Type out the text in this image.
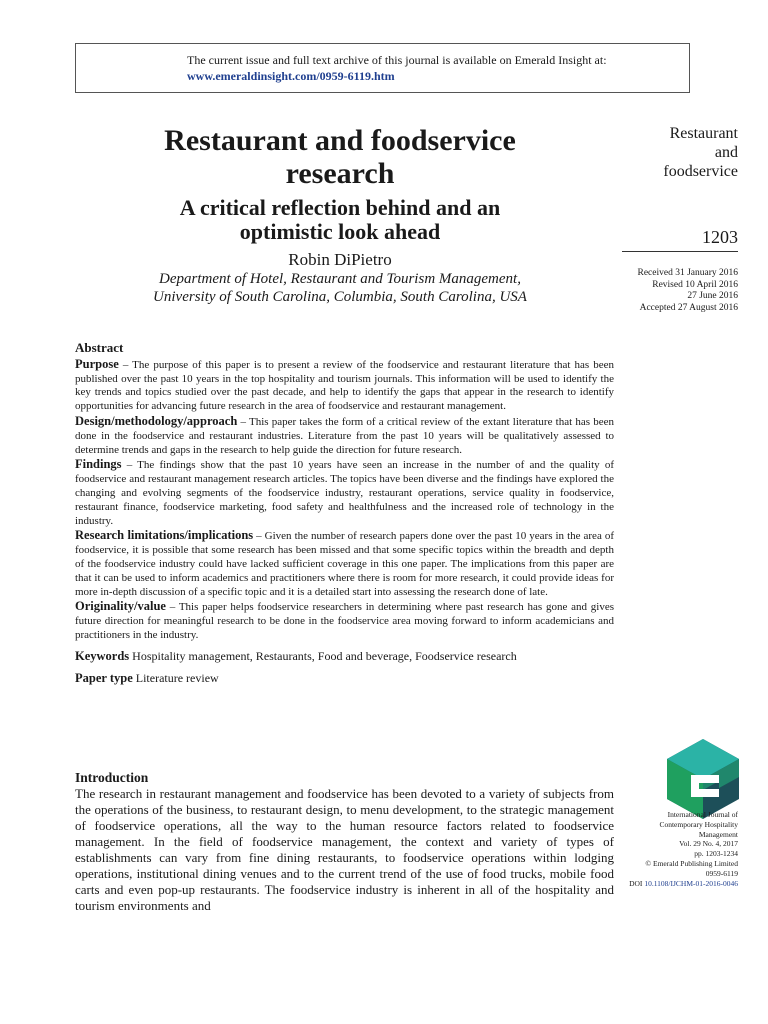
The current issue and full text archive of this journal is available on Emerald Insight at:
www.emeraldinsight.com/0959-6119.htm
Restaurant and foodservice
research
A critical reflection behind and an
optimistic look ahead
Robin DiPietro
Department of Hotel, Restaurant and Tourism Management,
University of South Carolina, Columbia, South Carolina, USA
Restaurant
and
foodservice
1203
Received 31 January 2016
Revised 10 April 2016
27 June 2016
Accepted 27 August 2016
Abstract

Purpose – The purpose of this paper is to present a review of the foodservice and restaurant literature that has been published over the past 10 years in the top hospitality and tourism journals. This information will be used to identify the key trends and topics studied over the past decade, and help to identify the gaps that appear in the research to identify opportunities for advancing future research in the area of foodservice and restaurant management.

Design/methodology/approach – This paper takes the form of a critical review of the extant literature that has been done in the foodservice and restaurant industries. Literature from the past 10 years will be qualitatively assessed to determine trends and gaps in the research to help guide the direction for future research.

Findings – The findings show that the past 10 years have seen an increase in the number of and the quality of foodservice and restaurant management research articles. The topics have been diverse and the findings have explored the changing and evolving segments of the foodservice industry, restaurant operations, service quality in foodservice, restaurant finance, foodservice marketing, food safety and healthfulness and the increased role of technology in the industry.

Research limitations/implications – Given the number of research papers done over the past 10 years in the area of foodservice, it is possible that some research has been missed and that some specific topics within the breadth and depth of the foodservice industry could have lacked sufficient coverage in this one paper. The implications from this paper are that it can be used to inform academics and practitioners where there is room for more research, it could provide ideas for more in-depth discussion of a specific topic and it is a detailed start into assessing the research done of late.

Originality/value – This paper helps foodservice researchers in determining where past research has gone and gives future direction for meaningful research to be done in the foodservice area moving forward to inform academicians and practitioners in the industry.

Keywords Hospitality management, Restaurants, Food and beverage, Foodservice research

Paper type Literature review

Introduction

The research in restaurant management and foodservice has been devoted to a variety of subjects from the operations of the business, to restaurant design, to menu development, to the strategic management of foodservice operations, all the way to the human resource factors related to foodservice management. In the field of foodservice management, the context and variety of types of establishments can vary from fine dining restaurants, to foodservice operations within lodging operations, institutional dining venues and to the current trend of the use of food trucks, mobile food carts and even pop-up restaurants. The foodservice industry is inherent in all of the hospitality and tourism environments and

International Journal of
Contemporary Hospitality
Management
Vol. 29 No. 4, 2017
pp. 1203-1234
© Emerald Publishing Limited
0959-6119
DOI 10.1108/IJCHM-01-2016-0046
